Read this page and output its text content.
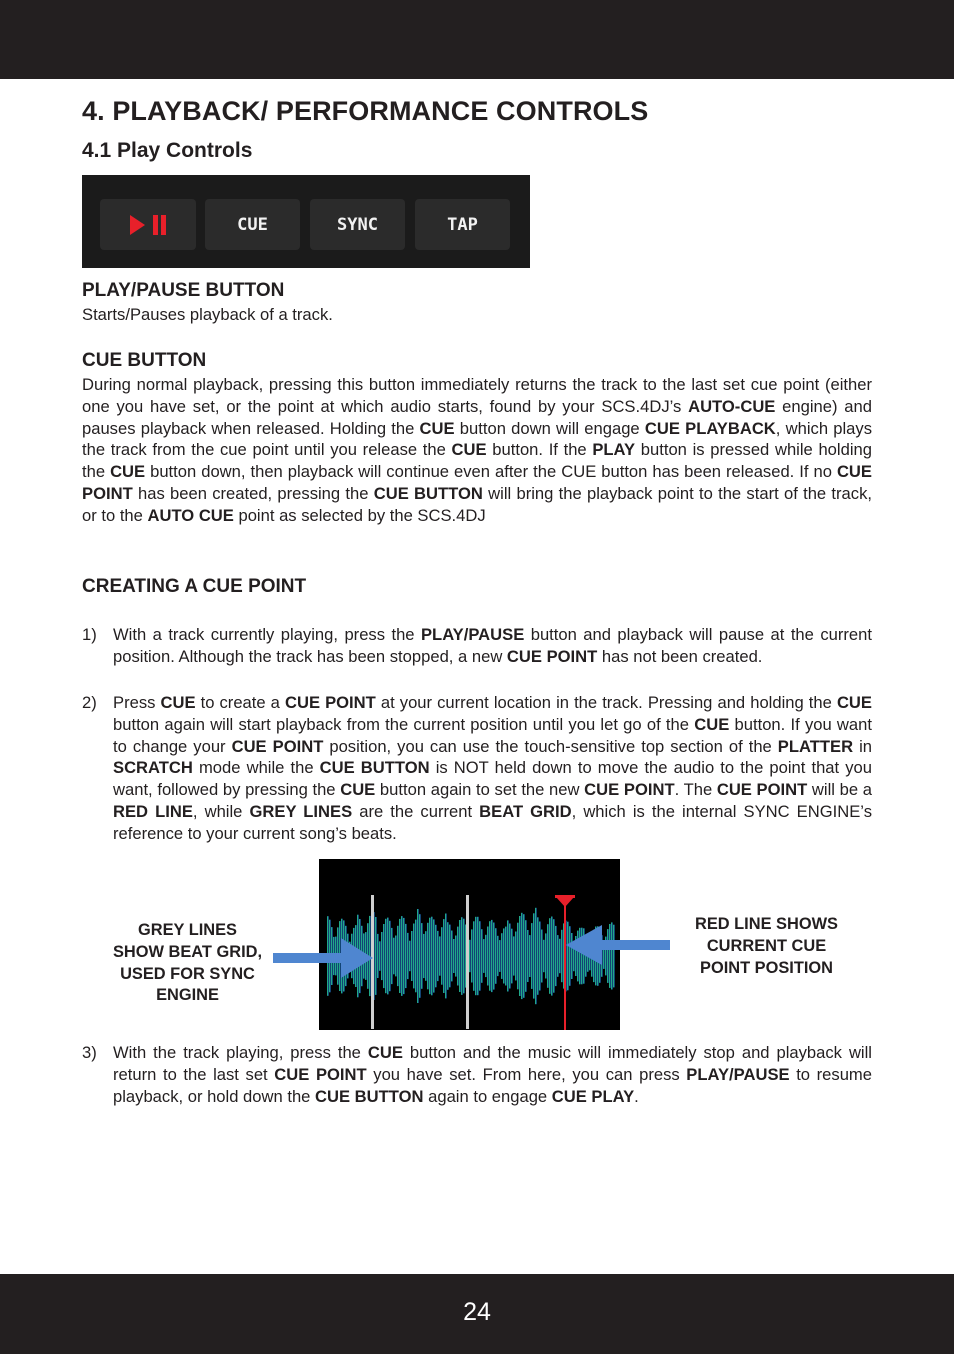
4. PLAYBACK/ PERFORMANCE CONTROLS
4.1 Play Controls
CUE	SYNC	TAP
PLAY/PAUSE BUTTON

Starts/Pauses playback of a track.

CUE BUTTON

During normal playback, pressing this button immediately returns the track to the last set cue point (either one you have set, or the point at which audio starts, found by your SCS.4DJ’s AUTO-CUE engine) and pauses playback when released. Holding the CUE button down will engage CUE PLAYBACK, which plays the track from the cue point until you release the CUE button. If the PLAY button is pressed while holding the CUE button down, then playback will continue even after the CUE button has been released. If no CUE POINT has been created, pressing the CUE BUTTON will bring the playback point to the start of the track, or to the AUTO CUE point as selected by the SCS.4DJ

CREATING A CUE POINT
1) With a track currently playing, press the PLAY/PAUSE button and playback will pause at the current position. Although the track has been stopped, a new CUE POINT has not been created.

2) Press CUE to create a CUE POINT at your current location in the track. Pressing and holding the CUE button again will start playback from the current position until you let go of the CUE button. If you want to change your CUE POINT position, you can use the touch-sensitive top section of the PLATTER in SCRATCH mode while the CUE BUTTON is NOT held down to move the audio to the point that you want, followed by pressing the CUE button again to set the new CUE POINT. The CUE POINT will be a RED LINE, while GREY LINES are the current BEAT GRID, which is the internal SYNC ENGINE’s reference to your current song’s beats.

GREY LINES
SHOW BEAT GRID,
USED FOR SYNC
ENGINE

RED LINE SHOWS
CURRENT CUE
POINT POSITION

3) With the track playing, press the CUE button and the music will immediately stop and playback will return to the last set CUE POINT you have set. From here, you can press PLAY/PAUSE to resume playback, or hold down the CUE BUTTON again to engage CUE PLAY.

24
